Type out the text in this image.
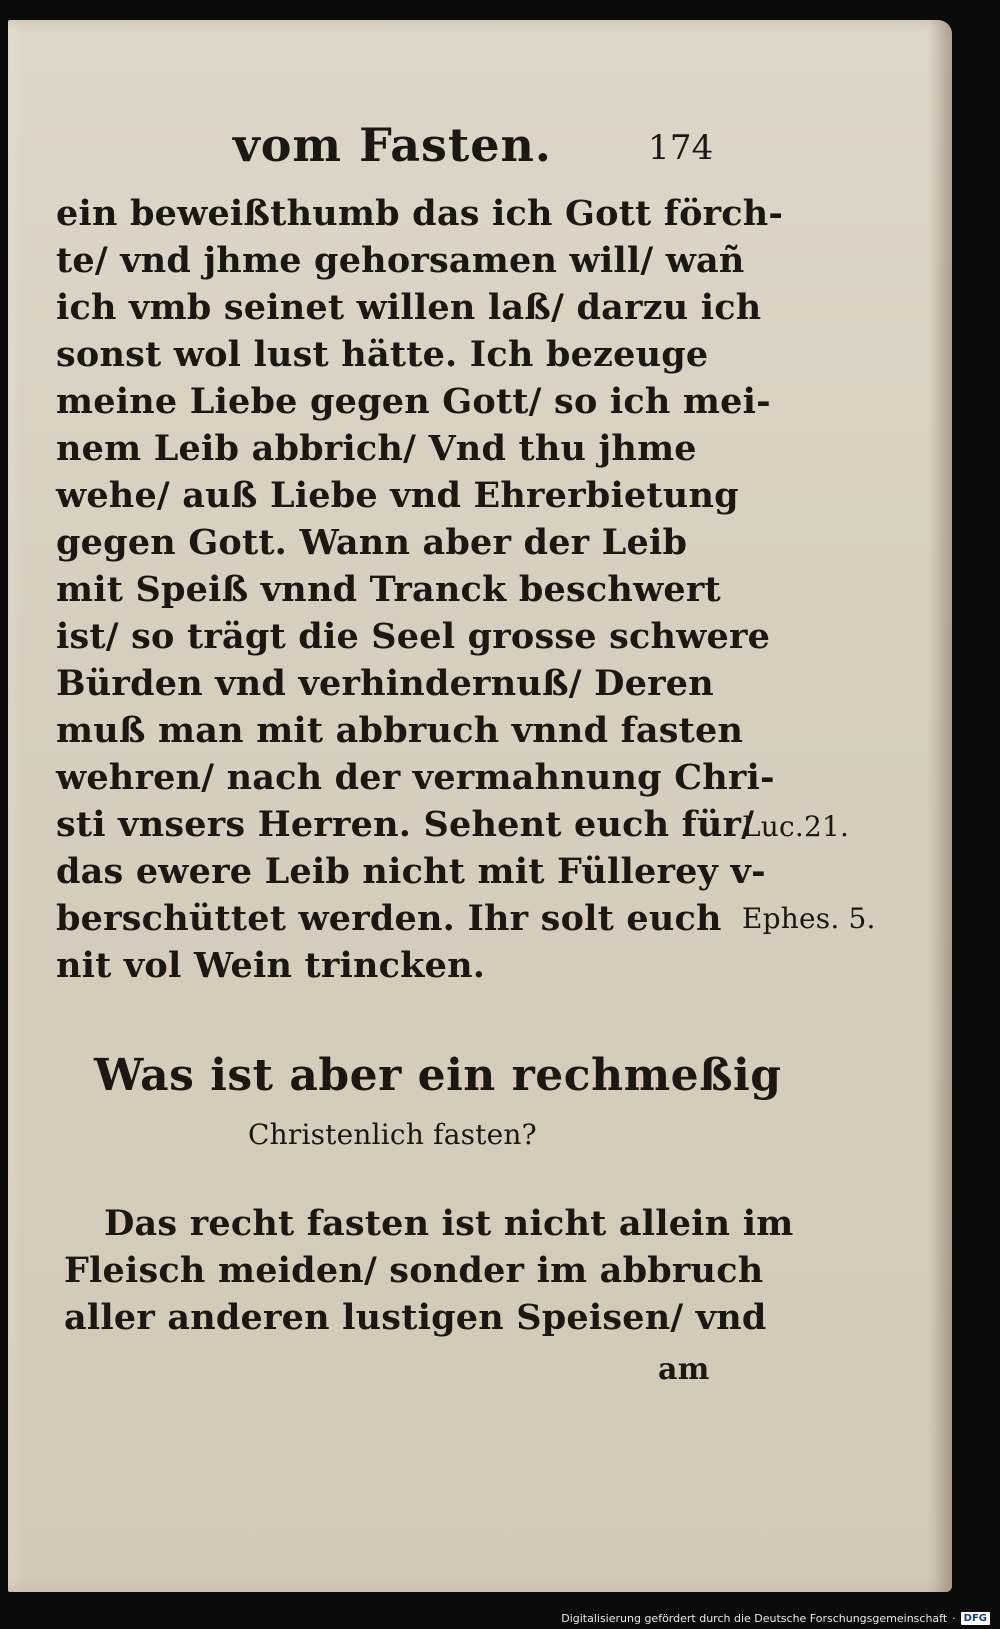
vom Fasten.	174
ein beweißthumb das ich Gott förch-
te/ vnd jhme gehorsamen will/ wañ
ich vmb seinet willen laß/ darzu ich
sonst wol lust hätte. Ich bezeuge
meine Liebe gegen Gott/ so ich mei-
nem Leib abbrich/ Vnd thu jhme
wehe/ auß Liebe vnd Ehrerbietung
gegen Gott. Wann aber der Leib
mit Speiß vnnd Tranck beschwert
ist/ so trägt die Seel grosse schwere
Bürden vnd verhindernuß/ Deren
muß man mit abbruch vnnd fasten
wehren/ nach der vermahnung Chri-
sti vnsers Herren. Sehent euch für/
das ewere Leib nicht mit Füllerey v-
berschüttet werden. Ihr solt euch
nit vol Wein trincken.
Luc.21.
Ephes. 5.
Was ist aber ein rechmeßig
Christenlich fasten?
Das recht fasten ist nicht allein im
Fleisch meiden/ sonder im abbruch
aller anderen lustigen Speisen/ vnd
am
Digitalisierung gefördert durch die Deutsche Forschungsgemeinschaft · DFG
